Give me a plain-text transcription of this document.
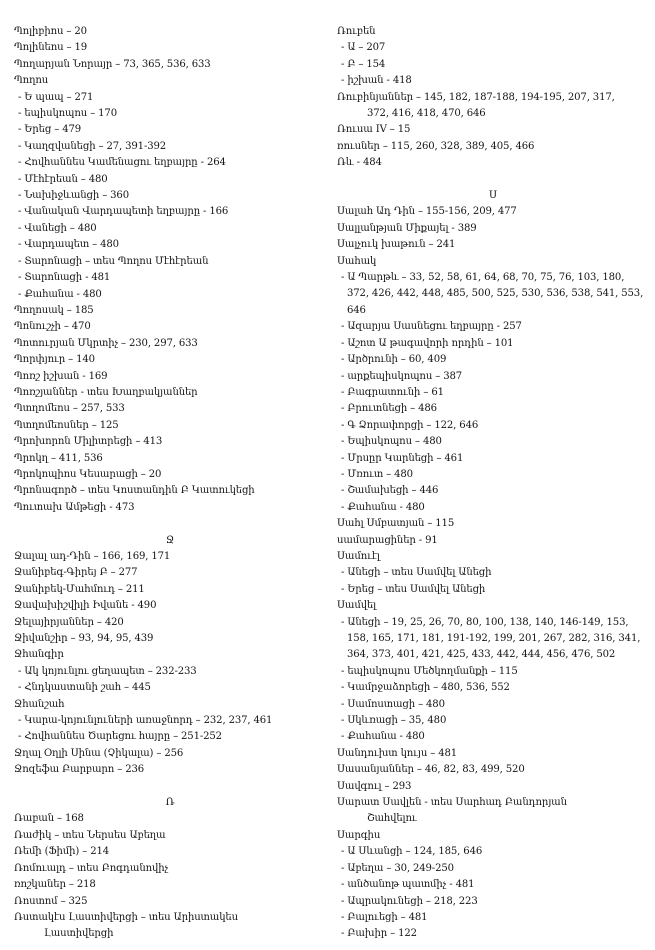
Պոլիբիոս – 20
Պոլինեոս – 19
Պողարյան Նորայր – 73, 365, 536, 633
Պողոս
- Ե պապ – 271
- եպիսկոպոս – 170
- Երեց – 479
- Կաղզվանեցի – 27, 391-392
- Հովհաննես Կամենացու եղբայրը - 264
- Մէհէրեան – 480
- Նախիջևանցի – 360
- Վանական Վարդապետի եղբայրը - 166
- Վանեցի – 480
- Վարդապետ – 480
- Տարոնացի – տես Պողոս Մէհէրեան
- Տարոնացի - 481
- Քահանա - 480
Պողոսակ – 185
Պոնուշչի – 470
Պոտուրյան Մկրտիչ – 230, 297, 633
Պորփյուր – 140
Պոռշ իշխան - 169
Պոռշյաններ - տես Խաղբակյաններ
Պտղոմեոս – 257, 533
Պտղոմեոսներ – 125
Պրոխորոն Միլիտրեցի – 413
Պրոկղ – 411, 536
Պրոկոպիոս Կեսարացի – 20
Պրոնագործ – տես Կոստանդին Բ Կատուկեցի
Պուտախ Ամթեցի - 473
Ջ
Ջալալ ադ-Դին – 166, 169, 171
Ջանիբեգ-Գիրեյ Բ – 277
Ջանիբեկ-Մահմուդ – 211
Ջավախիշվիլի Իվանե - 490
Ջելայիրյաններ – 420
Ջիվանշիր – 93, 94, 95, 439
Ջհանգիր
- Ակ կոյունլու ցեղապետ – 232-233
- Հնդկաստանի շահ – 445
Ջհանշահ
- Կարա-կոյունլուների առաջնորդ – 232, 237, 461
- Հովհաննես Ծարեցու հայրը – 251-252
Ջղալ Օղլի Սինա (Չիկալա) – 256
Ջոզեֆա Բարբարո – 236
Ռ
Ռաբան – 168
Ռաժիկ – տես Ներսես Աբեղա
Ռեմի (Ֆիմի) – 214
Ռոմուալդ – տես Բոգդանովիչ
ռոշկաներ – 218
Ռոստոմ – 325
Ռստակէս Լաստիվերցի – տես Արիստակես
Լաստիվերցի
Ռուբեն
- Ա – 207
- Բ – 154
- իշխան - 418
Ռուբինյաններ – 145, 182, 187-188, 194-195, 207, 317,
372, 416, 418, 470, 646
Ռուսա IV – 15
ռուսներ – 115, 260, 328, 389, 405, 466
Ռև - 484
Ս
Սալահ Ադ Դին – 155-156, 209, 477
Սալլանթյան Միքայել - 389
Սալչուկ խաթուն – 241
Սահակ
- Ա Պարթև – 33, 52, 58, 61, 64, 68, 70, 75, 76, 103, 180,
372, 426, 442, 448, 485, 500, 525, 530, 536, 538, 541, 553,
646
- Ազարյա Սասնեցու եղբայրը - 257
- Աշոտ Ա թագավորի որդին – 101
- Արծրունի – 60, 409
- արքեպիսկոպոս – 387
- Բագրատունի – 61
- Բրուտնեցի – 486
- Գ Ձորափորցի – 122, 646
- Եպիսկոպոս – 480
- Մրսըր Կարնեցի – 461
- Մռուտ – 480
- Շամախեցի – 446
- Քահանա - 480
Սահլ Սմբատյան – 115
սամարացիներ - 91
Սամուէլ
- Անեցի – տես Սամվել Անեցի
- Երեց – տես Սամվել Անեցի
Սամվել
- Անեցի – 19, 25, 26, 70, 80, 100, 138, 140, 146-149, 153,
158, 165, 171, 181, 191-192, 199, 201, 267, 282, 316, 341,
364, 373, 401, 421, 425, 433, 442, 444, 456, 476, 502
- եպիսկոպոս Մեծկողմանքի – 115
- Կամրջաձորեցի – 480, 536, 552
- Սամոստացի – 480
- Սկևռացի – 35, 480
- Քահանա - 480
Սանդուխտ կույս – 481
Սասանյաններ – 46, 82, 83, 499, 520
Սավգուլ – 293
Սարատ Սավլեն - տես Սարհադ Բանդորյան
Շահվելու
Սարգիս
- Ա Սևանցի – 124, 185, 646
- Աբեղա – 30, 249-250
- անծանոթ պատմիչ - 481
- Ապրակունեցի – 218, 223
- Բալուեցի – 481
- Բախիր – 122
